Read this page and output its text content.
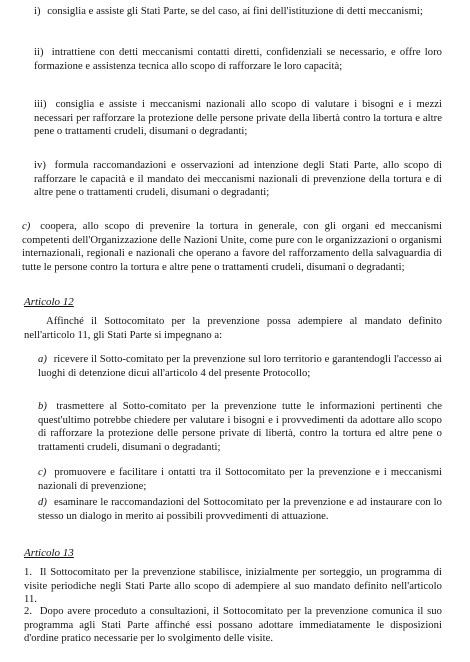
i) consiglia e assiste gli Stati Parte, se del caso, ai fini dell'istituzione di detti meccanismi;

ii) intrattiene con detti meccanismi contatti diretti, confidenziali se necessario, e offre loro formazione e assistenza tecnica allo scopo di rafforzare le loro capacità;

iii) consiglia e assiste i meccanismi nazionali allo scopo di valutare i bisogni e i mezzi necessari per rafforzare la protezione delle persone private della libertà contro la tortura e altre pene o trattamenti crudeli, disumani o degradanti;

iv) formula raccomandazioni e osservazioni ad intenzione degli Stati Parte, allo scopo di rafforzare le capacità e il mandato dei meccanismi nazionali di prevenzione della tortura e di altre pene o trattamenti crudeli, disumani o degradanti;

c) coopera, allo scopo di prevenire la tortura in generale, con gli organi ed meccanismi competenti dell'Organizzazione delle Nazioni Unite, come pure con le organizzazioni o organismi internazionali, regionali e nazionali che operano a favore del rafforzamento della salvaguardia di tutte le persone contro la tortura e altre pene o trattamenti crudeli, disumani o degradanti;

Articolo 12

Affinché il Sottocomitato per la prevenzione possa adempiere al mandato definito nell'articolo 11, gli Stati Parte si impegnano a:

a) ricevere il Sotto-comitato per la prevenzione sul loro territorio e garantendogli l'accesso ai luoghi di detenzione dicui all'articolo 4 del presente Protocollo;

b) trasmettere al Sotto-comitato per la prevenzione tutte le informazioni pertinenti che quest'ultimo potrebbe chiedere per valutare i bisogni e i provvedimenti da adottare allo scopo di rafforzare la protezione delle persone private di libertà, contro la tortura ed altre pene o trattamenti crudeli, disumani o degradanti;

c) promuovere e facilitare i ontatti tra il Sottocomitato per la prevenzione e i meccanismi nazionali di prevenzione;

d) esaminare le raccomandazioni del Sottocomitato per la prevenzione e ad instaurare con lo stesso un dialogo in merito ai possibili provvedimenti di attuazione.

Articolo 13

1. Il Sottocomitato per la prevenzione stabilisce, inizialmente per sorteggio, un programma di visite periodiche negli Stati Parte allo scopo di adempiere al suo mandato definito nell'articolo 11.

2. Dopo avere proceduto a consultazioni, il Sottocomitato per la prevenzione comunica il suo programma agli Stati Parte affinché essi possano adottare immediatamente le disposizioni d'ordine pratico necessarie per lo svolgimento delle visite.
